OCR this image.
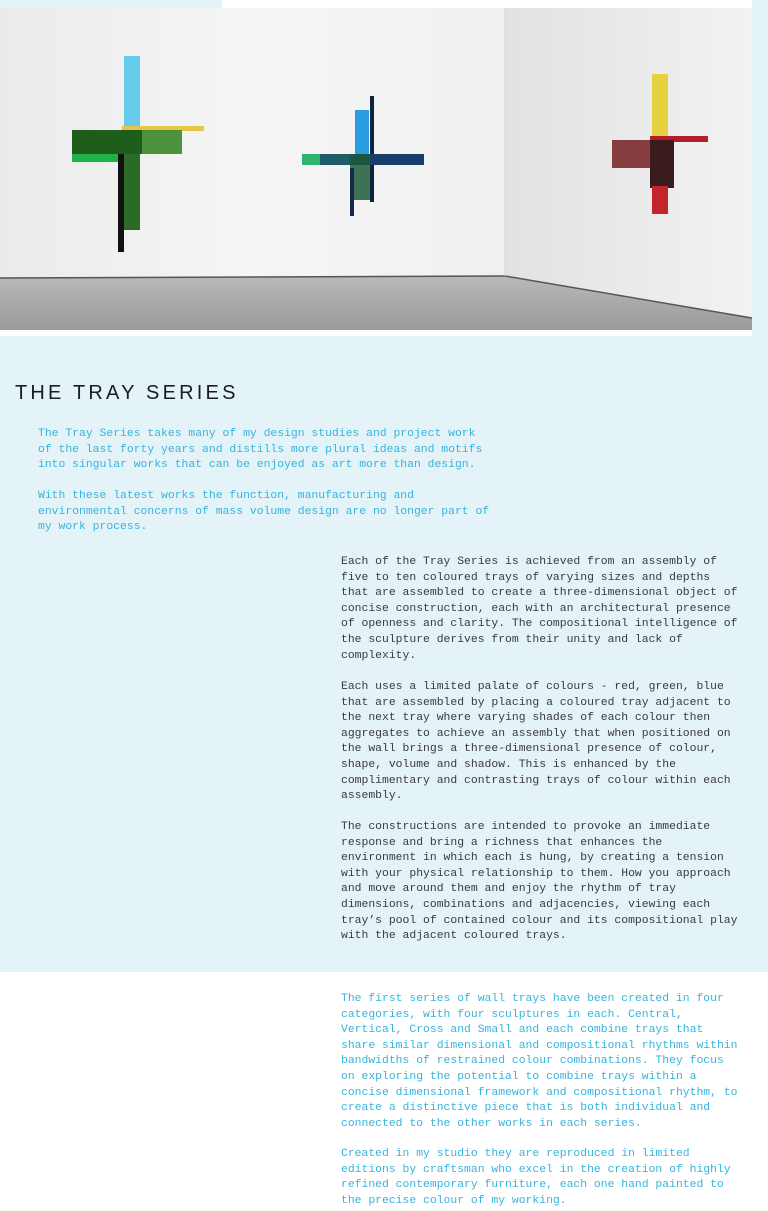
THE TRAY SERIES

The Tray Series takes many of my design studies and project work
of the last forty years and distills more plural ideas and motifs
into singular works that can be enjoyed as art more than design.

With these latest works the function, manufacturing and
environmental concerns of mass volume design are no longer part of
my work process.

Each of the Tray Series is achieved from an assembly of
five to ten coloured trays of varying sizes and depths
that are assembled to create a three-dimensional object of
concise construction, each with an architectural presence
of openness and clarity. The compositional intelligence of
the sculpture derives from their unity and lack of
complexity.

Each uses a limited palate of colours - red, green, blue
that are assembled by placing a coloured tray adjacent to
the next tray where varying shades of each colour then
aggregates to achieve an assembly that when positioned on
the wall brings a three-dimensional presence of colour,
shape, volume and shadow. This is enhanced by the
complimentary and contrasting trays of colour within each
assembly.

The constructions are intended to provoke an immediate
response and bring a richness that enhances the
environment in which each is hung, by creating a tension
with your physical relationship to them. How you approach
and move around them and enjoy the rhythm of tray
dimensions, combinations and adjacencies, viewing each
tray’s pool of contained colour and its compositional play
with the adjacent coloured trays.

The first series of wall trays have been created in four
categories, with four sculptures in each. Central,
Vertical, Cross and Small and each combine trays that
share similar dimensional and compositional rhythms within
bandwidths of restrained colour combinations. They focus
on exploring the potential to combine trays within a
concise dimensional framework and compositional rhythm, to
create a distinctive piece that is both individual and
connected to the other works in each series.

Created in my studio they are reproduced in limited
editions by craftsman who excel in the creation of highly
refined contemporary furniture, each one hand painted to
the precise colour of my working.
